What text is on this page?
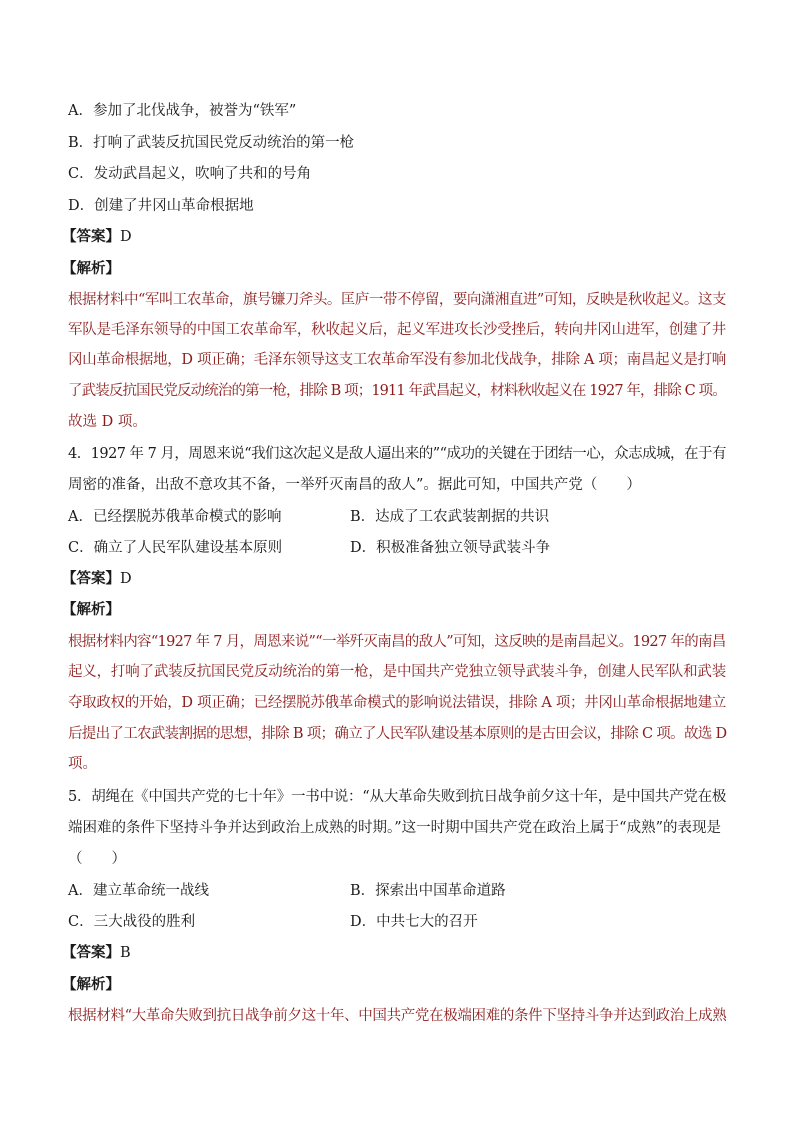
A．参加了北伐战争，被誉为“铁军”
B．打响了武装反抗国民党反动统治的第一枪
C．发动武昌起义，吹响了共和的号角
D．创建了井冈山革命根据地
【答案】D
【解析】
根据材料中“军叫工农革命，旗号镰刀斧头。匡庐一带不停留，要向潇湘直进”可知，反映是秋收起义。这支
军队是毛泽东领导的中国工农革命军，秋收起义后，起义军进攻长沙受挫后，转向井冈山进军，创建了井
冈山革命根据地，D 项正确；毛泽东领导这支工农革命军没有参加北伐战争，排除 A 项；南昌起义是打响
了武装反抗国民党反动统治的第一枪，排除 B 项；1911 年武昌起义，材料秋收起义在 1927 年，排除 C 项。
故选 D 项。
4．1927 年 7 月，周恩来说“我们这次起义是敌人逼出来的”“成功的关键在于团结一心，众志成城，在于有
周密的准备，出敌不意攻其不备，一举歼灭南昌的敌人”。据此可知，中国共产党（　　）
A．已经摆脱苏俄革命模式的影响	B．达成了工农武装割据的共识
C．确立了人民军队建设基本原则	D．积极准备独立领导武装斗争
【答案】D
【解析】
根据材料内容“1927 年 7 月，周恩来说”“一举歼灭南昌的敌人”可知，这反映的是南昌起义。1927 年的南昌
起义，打响了武装反抗国民党反动统治的第一枪，是中国共产党独立领导武装斗争，创建人民军队和武装
夺取政权的开始，D 项正确；已经摆脱苏俄革命模式的影响说法错误，排除 A 项；井冈山革命根据地建立
后提出了工农武装割据的思想，排除 B 项；确立了人民军队建设基本原则的是古田会议，排除 C 项。故选 D
项。
5．胡绳在《中国共产党的七十年》一书中说：“从大革命失败到抗日战争前夕这十年，是中国共产党在极
端困难的条件下坚持斗争并达到政治上成熟的时期。”这一时期中国共产党在政治上属于“成熟”的表现是
（　　）
A．建立革命统一战线	B．探索出中国革命道路
C．三大战役的胜利	D．中共七大的召开
【答案】B
【解析】
根据材料“大革命失败到抗日战争前夕这十年、中国共产党在极端困难的条件下坚持斗争并达到政治上成熟
